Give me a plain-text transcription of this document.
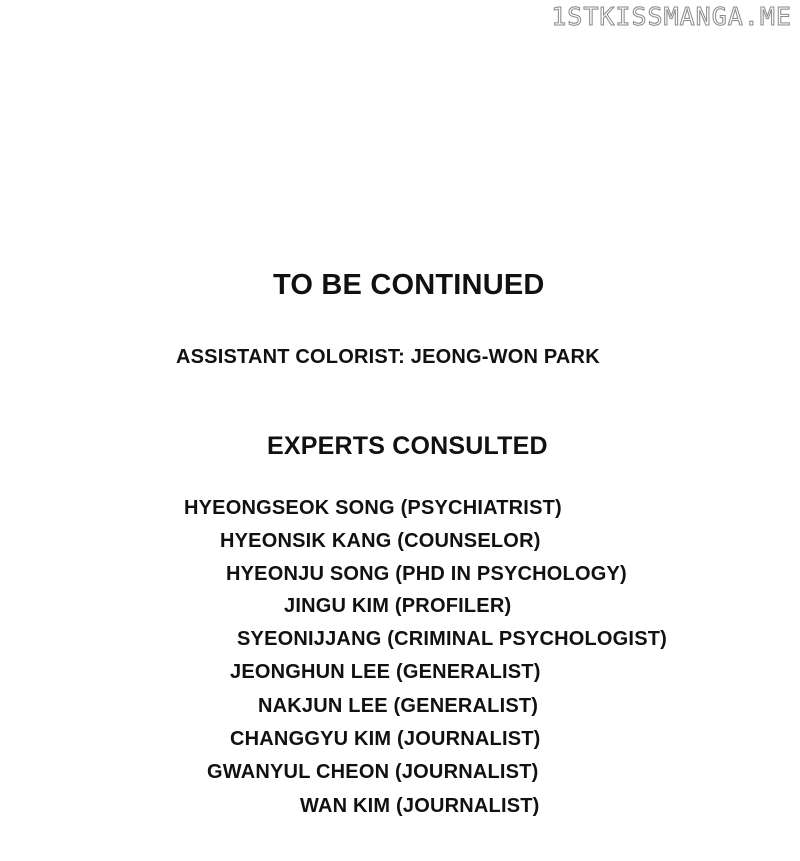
1STKISSMANGA.ME
TO BE CONTINUED
ASSISTANT COLORIST: JEONG-WON PARK
EXPERTS CONSULTED
HYEONGSEOK SONG (PSYCHIATRIST)
HYEONSIK KANG (COUNSELOR)
HYEONJU SONG (PHD IN PSYCHOLOGY)
JINGU KIM (PROFILER)
SYEONIJJANG (CRIMINAL PSYCHOLOGIST)
JEONGHUN LEE (GENERALIST)
NAKJUN LEE (GENERALIST)
CHANGGYU KIM (JOURNALIST)
GWANYUL CHEON (JOURNALIST)
WAN KIM (JOURNALIST)
